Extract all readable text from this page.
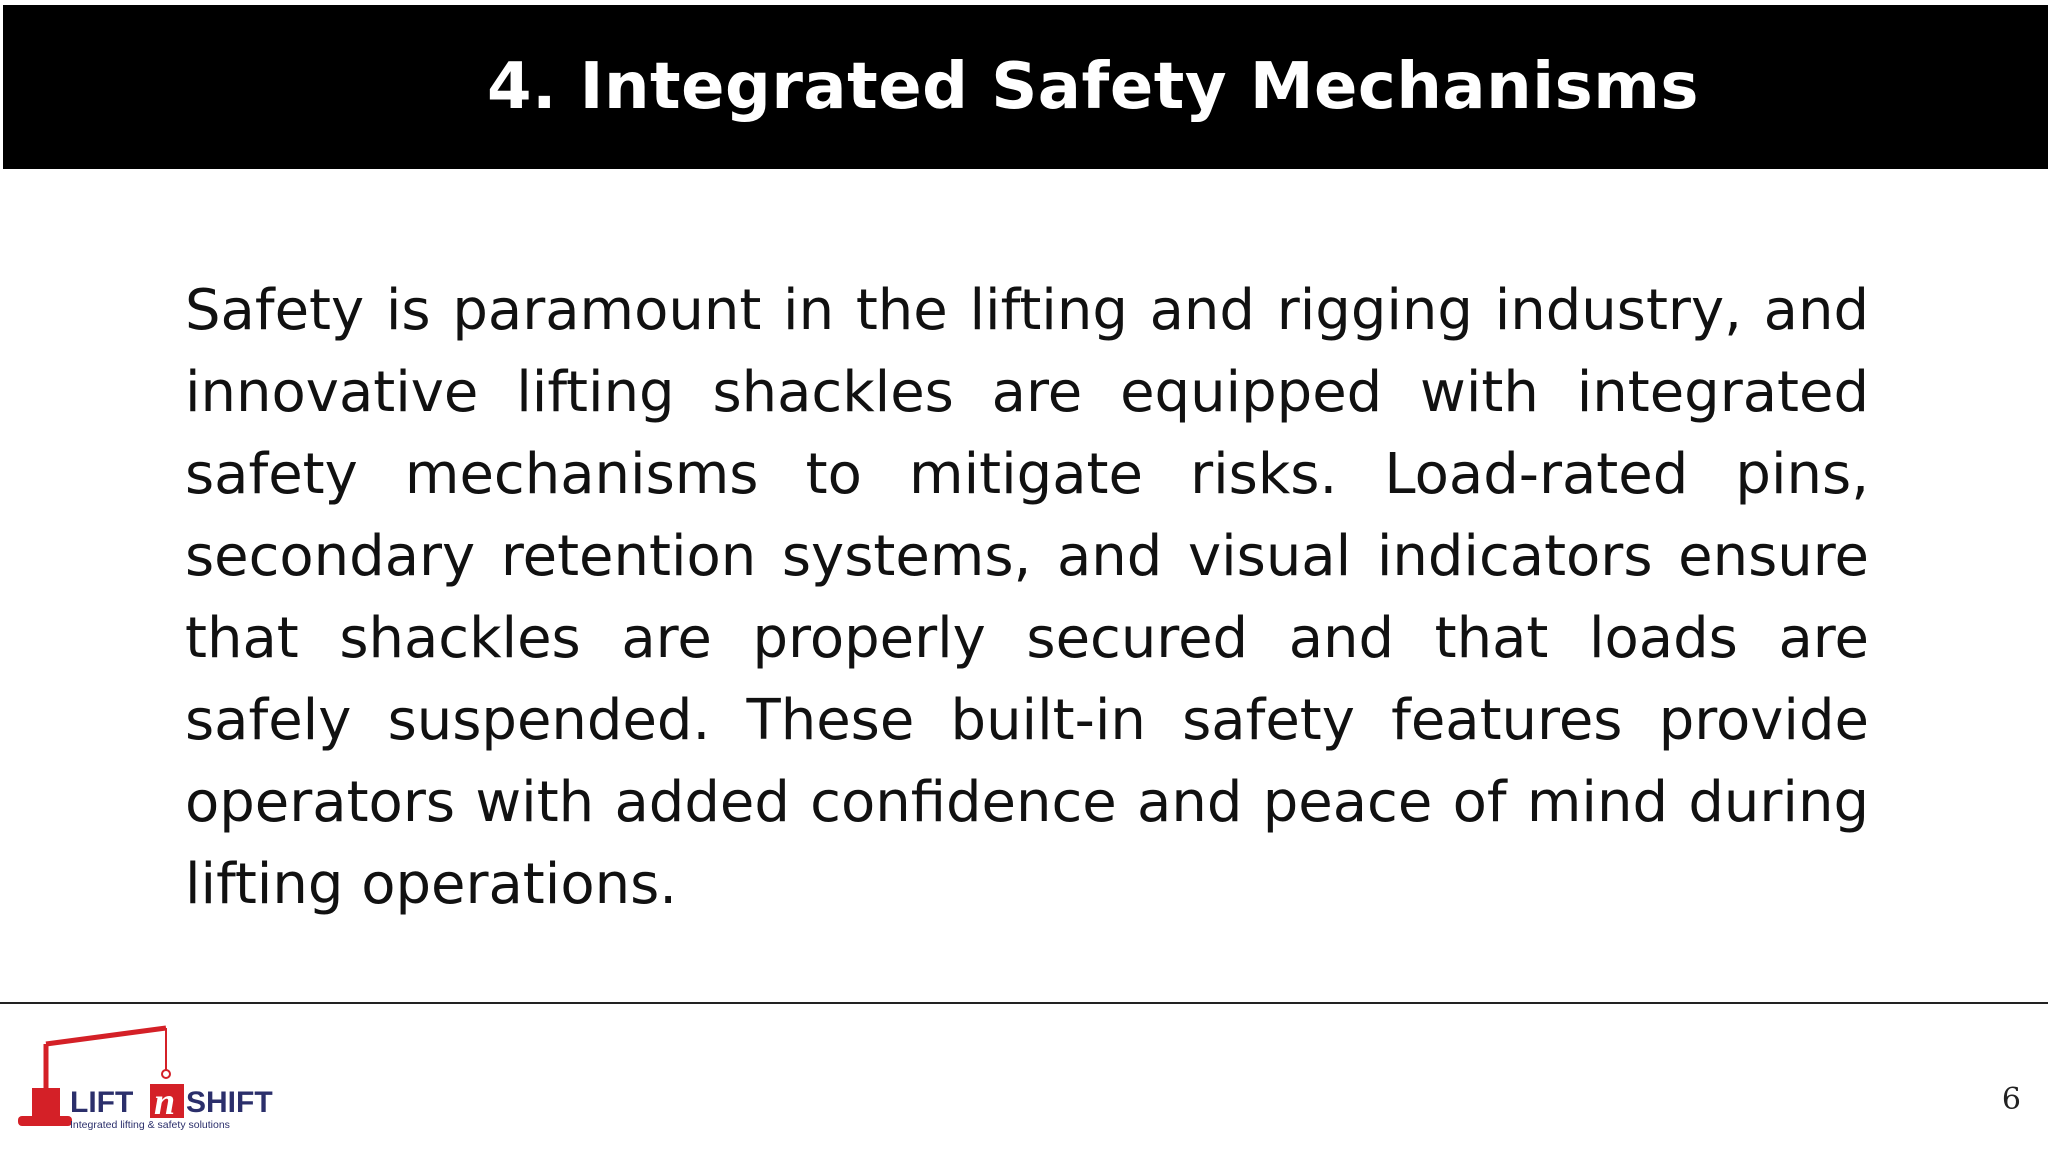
4. Integrated Safety Mechanisms

Safety is paramount in the lifting and rigging industry, and innovative lifting shackles are equipped with integrated safety mechanisms to mitigate risks. Load-rated pins, secondary retention systems, and visual indicators ensure that shackles are properly secured and that loads are safely suspended. These built-in safety features provide operators with added confidence and peace of mind during lifting operations.

LIFT n SHIFT
Integrated lifting & safety solutions
6
